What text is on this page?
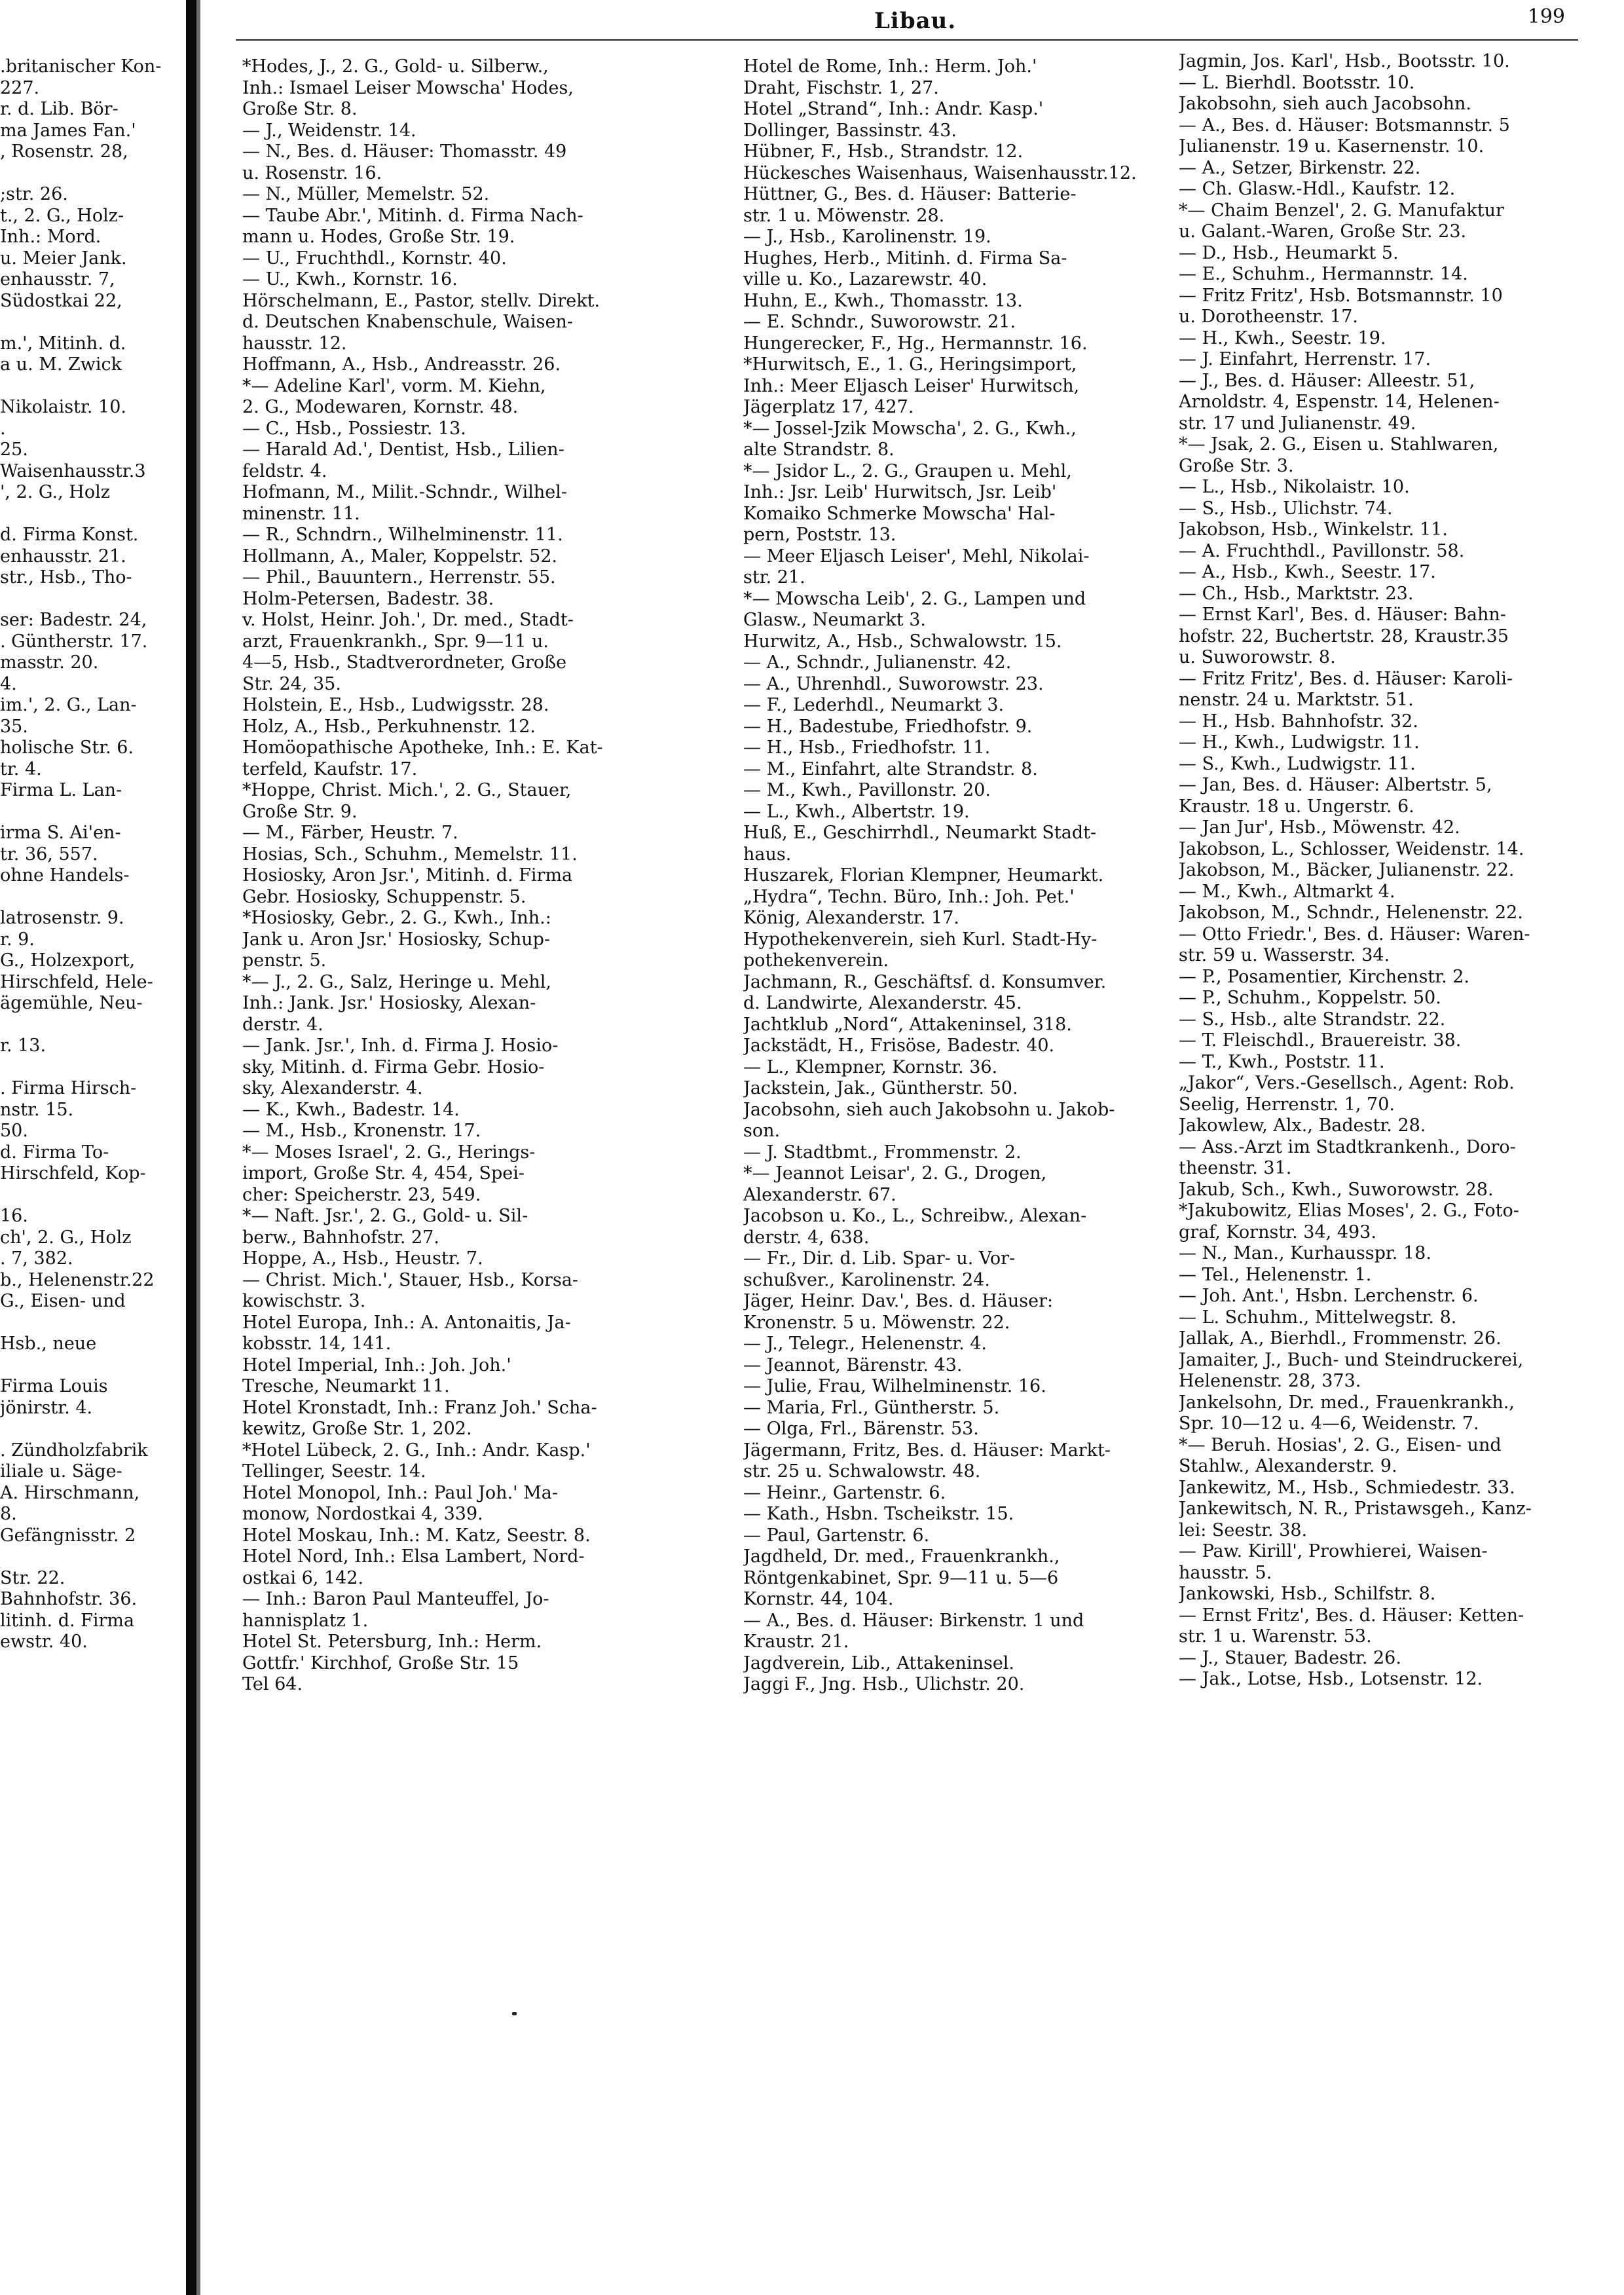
Libau.	199
.britanischer Kon-
227.
r. d. Lib. Bör-
ma James Fan.'
, Rosenstr. 28,
;str. 26.
t., 2. G., Holz-
Inh.: Mord.
u. Meier Jank.
enhausstr. 7,
Südostkai 22,
m.', Mitinh. d.
a u. M. Zwick
Nikolaistr. 10.
.
25.
Waisenhausstr.3
', 2. G., Holz
d. Firma Konst.
enhausstr. 21.
str., Hsb., Tho-
ser: Badestr. 24,
. Güntherstr. 17.
masstr. 20.
4.
im.', 2. G., Lan-
35.
holische Str. 6.
tr. 4.
Firma L. Lan-
irma S. Ai'en-
tr. 36, 557.
ohne Handels-
latrosenstr. 9.
r. 9.
G., Holzexport,
Hirschfeld, Hele-
ägemühle, Neu-
r. 13.
. Firma Hirsch-
nstr. 15.
50.
d. Firma To-
Hirschfeld, Kop-
16.
ch', 2. G., Holz
. 7, 382.
b., Helenenstr.22
G., Eisen- und
Hsb., neue
Firma Louis
jönirstr. 4.
. Zündholzfabrik
iliale u. Säge-
A. Hirschmann,
8.
Gefängnisstr. 2
Str. 22.
Bahnhofstr. 36.
litinh. d. Firma
ewstr. 40.
*Hodes, J., 2. G., Gold- u. Silberw.,
Inh.: Ismael Leiser Mowscha' Hodes,
Große Str. 8.
— J., Weidenstr. 14.
— N., Bes. d. Häuser: Thomasstr. 49
u. Rosenstr. 16.
— N., Müller, Memelstr. 52.
— Taube Abr.', Mitinh. d. Firma Nach-
mann u. Hodes, Große Str. 19.
— U., Fruchthdl., Kornstr. 40.
— U., Kwh., Kornstr. 16.
Hörschelmann, E., Pastor, stellv. Direkt.
d. Deutschen Knabenschule, Waisen-
hausstr. 12.
Hoffmann, A., Hsb., Andreasstr. 26.
*— Adeline Karl', vorm. M. Kiehn,
2. G., Modewaren, Kornstr. 48.
— C., Hsb., Possiestr. 13.
— Harald Ad.', Dentist, Hsb., Lilien-
feldstr. 4.
Hofmann, M., Milit.-Schndr., Wilhel-
minenstr. 11.
— R., Schndrn., Wilhelminenstr. 11.
Hollmann, A., Maler, Koppelstr. 52.
— Phil., Bauuntern., Herrenstr. 55.
Holm-Petersen, Badestr. 38.
v. Holst, Heinr. Joh.', Dr. med., Stadt-
arzt, Frauenkrankh., Spr. 9—11 u.
4—5, Hsb., Stadtverordneter, Große
Str. 24, 35.
Holstein, E., Hsb., Ludwigsstr. 28.
Holz, A., Hsb., Perkuhnenstr. 12.
Homöopathische Apotheke, Inh.: E. Kat-
terfeld, Kaufstr. 17.
*Hoppe, Christ. Mich.', 2. G., Stauer,
Große Str. 9.
— M., Färber, Heustr. 7.
Hosias, Sch., Schuhm., Memelstr. 11.
Hosiosky, Aron Jsr.', Mitinh. d. Firma
Gebr. Hosiosky, Schuppenstr. 5.
*Hosiosky, Gebr., 2. G., Kwh., Inh.:
Jank u. Aron Jsr.' Hosiosky, Schup-
penstr. 5.
*— J., 2. G., Salz, Heringe u. Mehl,
Inh.: Jank. Jsr.' Hosiosky, Alexan-
derstr. 4.
— Jank. Jsr.', Inh. d. Firma J. Hosio-
sky, Mitinh. d. Firma Gebr. Hosio-
sky, Alexanderstr. 4.
— K., Kwh., Badestr. 14.
— M., Hsb., Kronenstr. 17.
*— Moses Israel', 2. G., Herings-
import, Große Str. 4, 454, Spei-
cher: Speicherstr. 23, 549.
*— Naft. Jsr.', 2. G., Gold- u. Sil-
berw., Bahnhofstr. 27.
Hoppe, A., Hsb., Heustr. 7.
— Christ. Mich.', Stauer, Hsb., Korsa-
kowischstr. 3.
Hotel Europa, Inh.: A. Antonaitis, Ja-
kobsstr. 14, 141.
Hotel Imperial, Inh.: Joh. Joh.'
Tresche, Neumarkt 11.
Hotel Kronstadt, Inh.: Franz Joh.' Scha-
kewitz, Große Str. 1, 202.
*Hotel Lübeck, 2. G., Inh.: Andr. Kasp.'
Tellinger, Seestr. 14.
Hotel Monopol, Inh.: Paul Joh.' Ma-
monow, Nordostkai 4, 339.
Hotel Moskau, Inh.: M. Katz, Seestr. 8.
Hotel Nord, Inh.: Elsa Lambert, Nord-
ostkai 6, 142.
— Inh.: Baron Paul Manteuffel, Jo-
hannisplatz 1.
Hotel St. Petersburg, Inh.: Herm.
Gottfr.' Kirchhof, Große Str. 15
Tel 64.
Hotel de Rome, Inh.: Herm. Joh.'
Draht, Fischstr. 1, 27.
Hotel „Strand“, Inh.: Andr. Kasp.'
Dollinger, Bassinstr. 43.
Hübner, F., Hsb., Strandstr. 12.
Hückesches Waisenhaus, Waisenhausstr.12.
Hüttner, G., Bes. d. Häuser: Batterie-
str. 1 u. Möwenstr. 28.
— J., Hsb., Karolinenstr. 19.
Hughes, Herb., Mitinh. d. Firma Sa-
ville u. Ko., Lazarewstr. 40.
Huhn, E., Kwh., Thomasstr. 13.
— E. Schndr., Suworowstr. 21.
Hungerecker, F., Hg., Hermannstr. 16.
*Hurwitsch, E., 1. G., Heringsimport,
Inh.: Meer Eljasch Leiser' Hurwitsch,
Jägerplatz 17, 427.
*— Jossel-Jzik Mowscha', 2. G., Kwh.,
alte Strandstr. 8.
*— Jsidor L., 2. G., Graupen u. Mehl,
Inh.: Jsr. Leib' Hurwitsch, Jsr. Leib'
Komaiko Schmerke Mowscha' Hal-
pern, Poststr. 13.
— Meer Eljasch Leiser', Mehl, Nikolai-
str. 21.
*— Mowscha Leib', 2. G., Lampen und
Glasw., Neumarkt 3.
Hurwitz, A., Hsb., Schwalowstr. 15.
— A., Schndr., Julianenstr. 42.
— A., Uhrenhdl., Suworowstr. 23.
— F., Lederhdl., Neumarkt 3.
— H., Badestube, Friedhofstr. 9.
— H., Hsb., Friedhofstr. 11.
— M., Einfahrt, alte Strandstr. 8.
— M., Kwh., Pavillonstr. 20.
— L., Kwh., Albertstr. 19.
Huß, E., Geschirrhdl., Neumarkt Stadt-
haus.
Huszarek, Florian Klempner, Heumarkt.
„Hydra“, Techn. Büro, Inh.: Joh. Pet.'
König, Alexanderstr. 17.
Hypothekenverein, sieh Kurl. Stadt-Hy-
pothekenverein.
Jachmann, R., Geschäftsf. d. Konsumver.
d. Landwirte, Alexanderstr. 45.
Jachtklub „Nord“, Attakeninsel, 318.
Jackstädt, H., Frisöse, Badestr. 40.
— L., Klempner, Kornstr. 36.
Jackstein, Jak., Güntherstr. 50.
Jacobsohn, sieh auch Jakobsohn u. Jakob-
son.
— J. Stadtbmt., Frommenstr. 2.
*— Jeannot Leisar', 2. G., Drogen,
Alexanderstr. 67.
Jacobson u. Ko., L., Schreibw., Alexan-
derstr. 4, 638.
— Fr., Dir. d. Lib. Spar- u. Vor-
schußver., Karolinenstr. 24.
Jäger, Heinr. Dav.', Bes. d. Häuser:
Kronenstr. 5 u. Möwenstr. 22.
— J., Telegr., Helenenstr. 4.
— Jeannot, Bärenstr. 43.
— Julie, Frau, Wilhelminenstr. 16.
— Maria, Frl., Güntherstr. 5.
— Olga, Frl., Bärenstr. 53.
Jägermann, Fritz, Bes. d. Häuser: Markt-
str. 25 u. Schwalowstr. 48.
— Heinr., Gartenstr. 6.
— Kath., Hsbn. Tscheikstr. 15.
— Paul, Gartenstr. 6.
Jagdheld, Dr. med., Frauenkrankh.,
Röntgenkabinet, Spr. 9—11 u. 5—6
Kornstr. 44, 104.
— A., Bes. d. Häuser: Birkenstr. 1 und
Kraustr. 21.
Jagdverein, Lib., Attakeninsel.
Jaggi F., Jng. Hsb., Ulichstr. 20.
Jagmin, Jos. Karl', Hsb., Bootsstr. 10.
— L. Bierhdl. Bootsstr. 10.
Jakobsohn, sieh auch Jacobsohn.
— A., Bes. d. Häuser: Botsmannstr. 5
Julianenstr. 19 u. Kasernenstr. 10.
— A., Setzer, Birkenstr. 22.
— Ch. Glasw.-Hdl., Kaufstr. 12.
*— Chaim Benzel', 2. G. Manufaktur
u. Galant.-Waren, Große Str. 23.
— D., Hsb., Heumarkt 5.
— E., Schuhm., Hermannstr. 14.
— Fritz Fritz', Hsb. Botsmannstr. 10
u. Dorotheenstr. 17.
— H., Kwh., Seestr. 19.
— J. Einfahrt, Herrenstr. 17.
— J., Bes. d. Häuser: Alleestr. 51,
Arnoldstr. 4, Espenstr. 14, Helenen-
str. 17 und Julianenstr. 49.
*— Jsak, 2. G., Eisen u. Stahlwaren,
Große Str. 3.
— L., Hsb., Nikolaistr. 10.
— S., Hsb., Ulichstr. 74.
Jakobson, Hsb., Winkelstr. 11.
— A. Fruchthdl., Pavillonstr. 58.
— A., Hsb., Kwh., Seestr. 17.
— Ch., Hsb., Marktstr. 23.
— Ernst Karl', Bes. d. Häuser: Bahn-
hofstr. 22, Buchertstr. 28, Kraustr.35
u. Suworowstr. 8.
— Fritz Fritz', Bes. d. Häuser: Karoli-
nenstr. 24 u. Marktstr. 51.
— H., Hsb. Bahnhofstr. 32.
— H., Kwh., Ludwigstr. 11.
— S., Kwh., Ludwigstr. 11.
— Jan, Bes. d. Häuser: Albertstr. 5,
Kraustr. 18 u. Ungerstr. 6.
— Jan Jur', Hsb., Möwenstr. 42.
Jakobson, L., Schlosser, Weidenstr. 14.
Jakobson, M., Bäcker, Julianenstr. 22.
— M., Kwh., Altmarkt 4.
Jakobson, M., Schndr., Helenenstr. 22.
— Otto Friedr.', Bes. d. Häuser: Waren-
str. 59 u. Wasserstr. 34.
— P., Posamentier, Kirchenstr. 2.
— P., Schuhm., Koppelstr. 50.
— S., Hsb., alte Strandstr. 22.
— T. Fleischdl., Brauereistr. 38.
— T., Kwh., Poststr. 11.
„Jakor“, Vers.-Gesellsch., Agent: Rob.
Seelig, Herrenstr. 1, 70.
Jakowlew, Alx., Badestr. 28.
— Ass.-Arzt im Stadtkrankenh., Doro-
theenstr. 31.
Jakub, Sch., Kwh., Suworowstr. 28.
*Jakubowitz, Elias Moses', 2. G., Foto-
graf, Kornstr. 34, 493.
— N., Man., Kurhausspr. 18.
— Tel., Helenenstr. 1.
— Joh. Ant.', Hsbn. Lerchenstr. 6.
— L. Schuhm., Mittelwegstr. 8.
Jallak, A., Bierhdl., Frommenstr. 26.
Jamaiter, J., Buch- und Steindruckerei,
Helenenstr. 28, 373.
Jankelsohn, Dr. med., Frauenkrankh.,
Spr. 10—12 u. 4—6, Weidenstr. 7.
*— Beruh. Hosias', 2. G., Eisen- und
Stahlw., Alexanderstr. 9.
Jankewitz, M., Hsb., Schmiedestr. 33.
Jankewitsch, N. R., Pristawsgeh., Kanz-
lei: Seestr. 38.
— Paw. Kirill', Prowhierei, Waisen-
hausstr. 5.
Jankowski, Hsb., Schilfstr. 8.
— Ernst Fritz', Bes. d. Häuser: Ketten-
str. 1 u. Warenstr. 53.
— J., Stauer, Badestr. 26.
— Jak., Lotse, Hsb., Lotsenstr. 12.
